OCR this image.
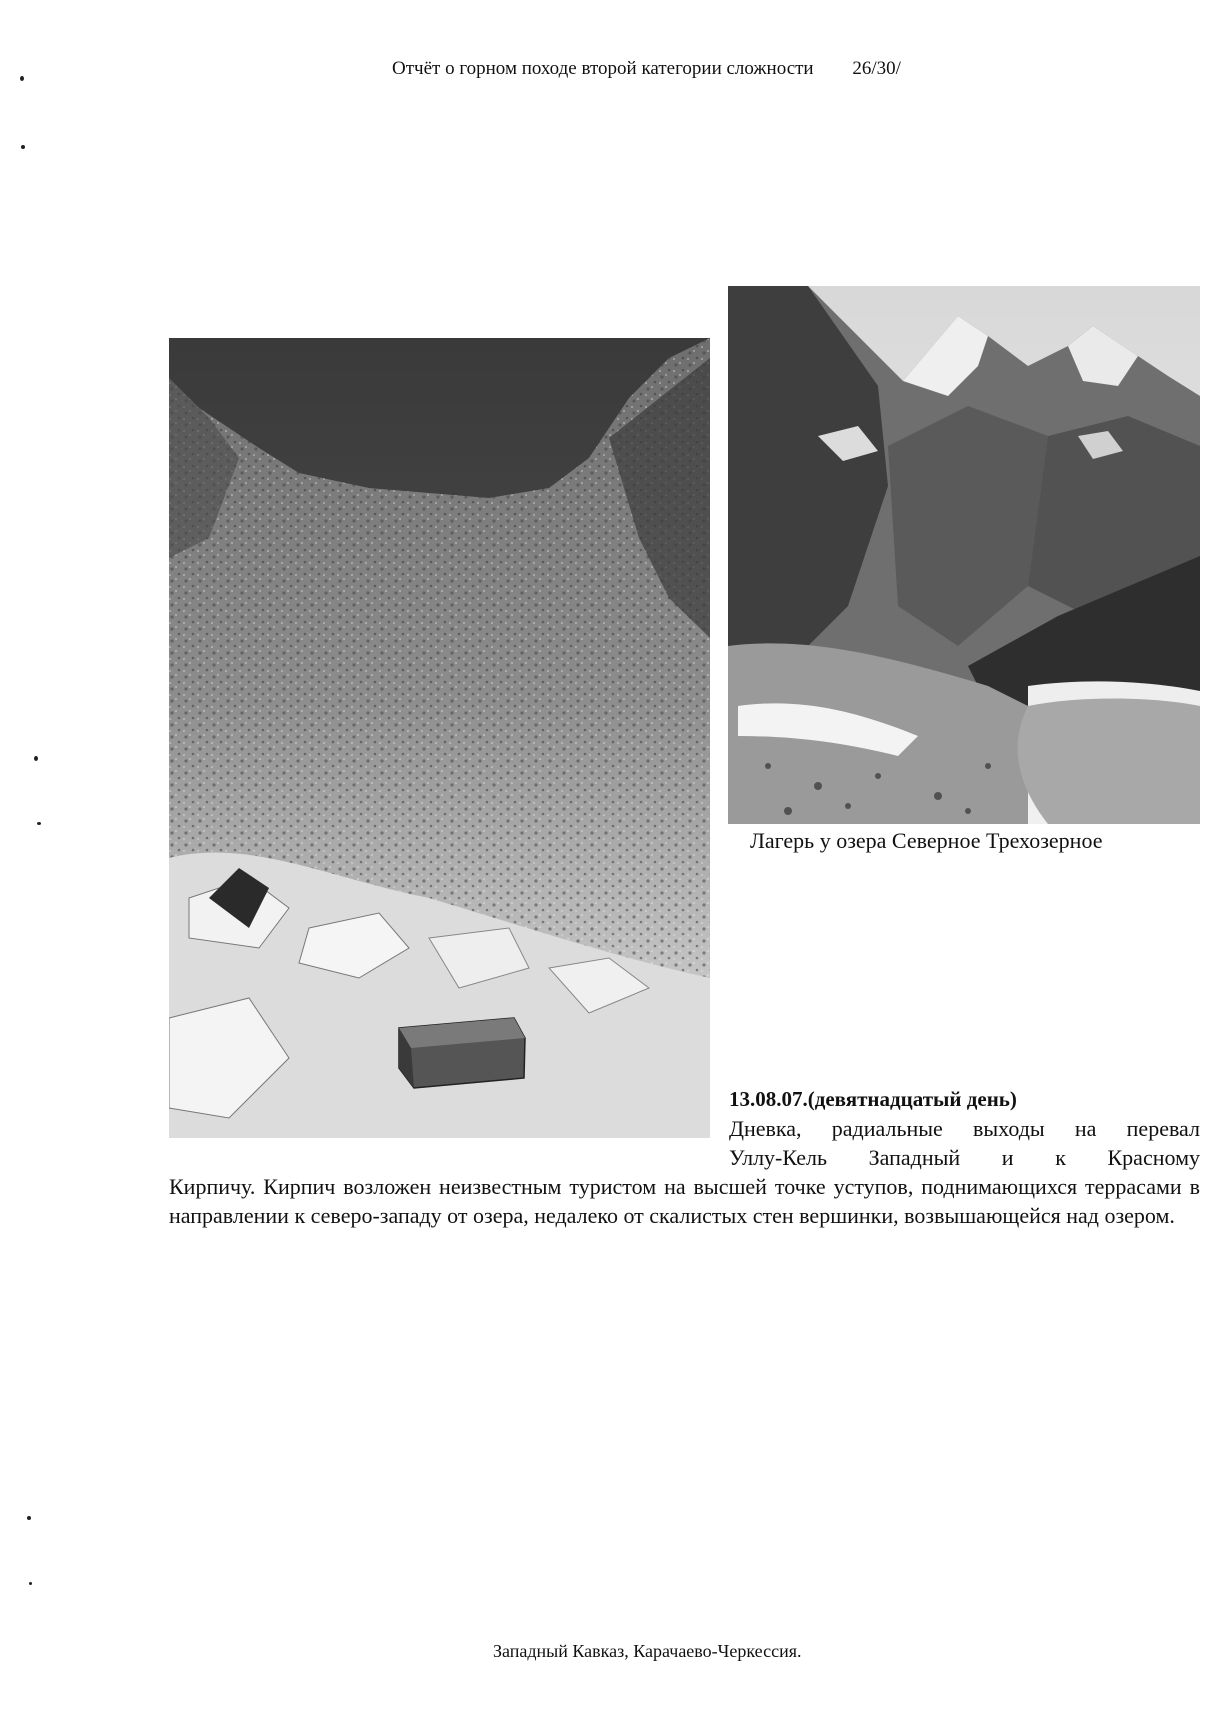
Отчёт о горном походе второй категории сложности 26/30/
Лагерь у озера Северное Трехозерное
13.08.07.(девятнадцатый день)
Дневка, радиальные выходы на перевал
Уллу-Кель Западный и к Красному
Кирпичу. Кирпич возложен неизвестным туристом на высшей точке уступов, поднимающихся террасами в направлении к северо-западу от озера, недалеко от скалистых стен вершинки, возвышающейся над озером.
Западный Кавказ, Карачаево-Черкессия.
